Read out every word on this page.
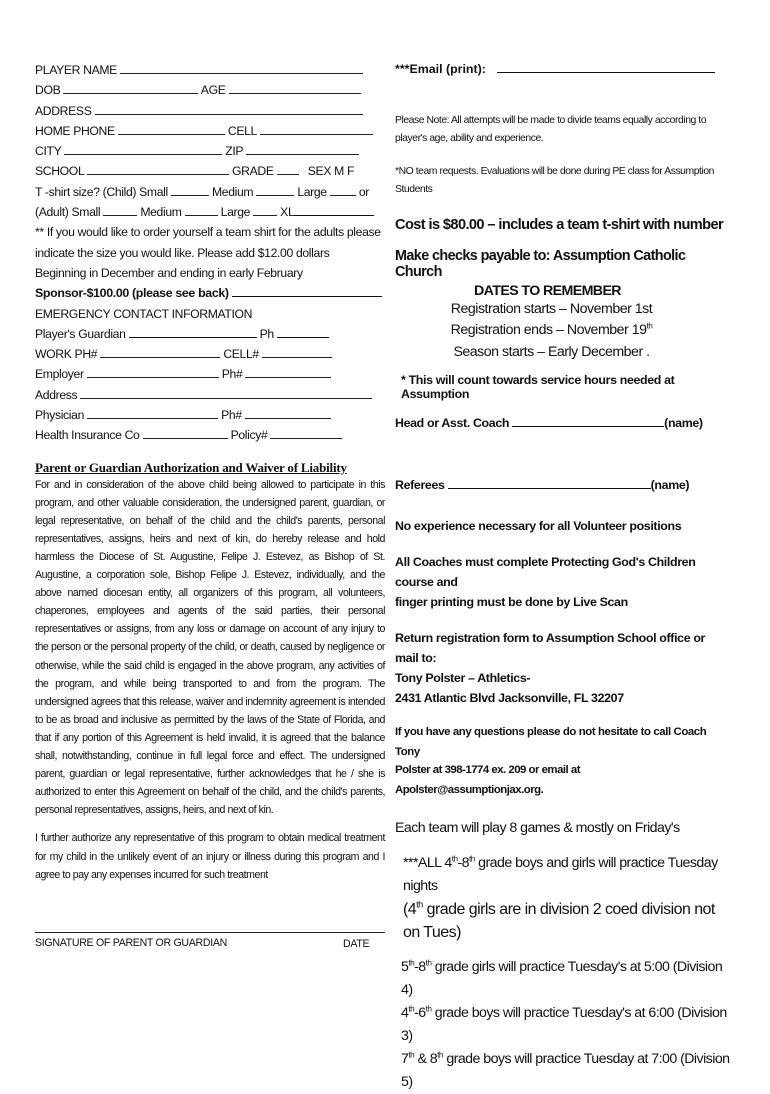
PLAYER NAME
DOB	AGE
ADDRESS
HOME PHONE	CELL
CITY	ZIP
SCHOOL	GRADE	SEX M F
T -shirt size? (Child) Small	Medium	Large	or
(Adult) Small	Medium	Large XL
** If you would like to order yourself a team shirt for the adults please
indicate the size you would like. Please add $12.00 dollars
Beginning in December and ending in early February
Sponsor-$100.00 (please see back)
EMERGENCY CONTACT INFORMATION
Player's Guardian	Ph
WORK PH#	CELL#
Employer	Ph#
Address
Physician	Ph#
Health Insurance Co	Policy#
Parent or Guardian Authorization and Waiver of Liability
For and in consideration of the above child being allowed to participate in this program, and other valuable consideration, the undersigned parent, guardian, or legal representative, on behalf of the child and the child's parents, personal representatives, assigns, heirs and next of kin, do hereby release and hold harmless the Diocese of St. Augustine, Felipe J. Estevez, as Bishop of St. Augustine, a corporation sole, Bishop Felipe J. Estevez, individually, and the above named diocesan entity, all organizers of this program, all volunteers, chaperones, employees and agents of the said parties, their personal representatives or assigns, from any loss or damage on account of any injury to the person or the personal property of the child, or death, caused by negligence or otherwise, while the said child is engaged in the above program, any activities of the program, and while being transported to and from the program. The undersigned agrees that this release, waiver and indemnity agreement is intended to be as broad and inclusive as permitted by the laws of the State of Florida, and that if any portion of this Agreement is held invalid, it is agreed that the balance shall, notwithstanding, continue in full legal force and effect. The undersigned parent, guardian or legal representative, further acknowledges that he / she is authorized to enter this Agreement on behalf of the child, and the child's parents, personal representatives, assigns, heirs, and next of kin.
I further authorize any representative of this program to obtain medical treatment for my child in the unlikely event of an injury or illness during this program and I agree to pay any expenses incurred for such treatment
SIGNATURE OF PARENT OR GUARDIAN	DATE
***Email (print):
Please Note: All attempts will be made to divide teams equally according to player's age, ability and experience.
*NO team requests. Evaluations will be done during PE class for Assumption Students
Cost is $80.00 – includes a team t-shirt with number
Make checks payable to: Assumption Catholic Church
DATES TO REMEMBER
Registration starts – November 1st
Registration ends – November 19th
Season starts – Early December .
* This will count towards service hours needed at Assumption
Head or Asst. Coach	(name)
Referees	(name)
No experience necessary for all Volunteer positions
All Coaches must complete Protecting God's Children course and
finger printing must be done by Live Scan
Return registration form to Assumption School office or mail to:
Tony Polster – Athletics-
2431 Atlantic Blvd Jacksonville, FL 32207
If you have any questions please do not hesitate to call Coach Tony
Polster at 398-1774 ex. 209 or email at Apolster@assumptionjax.org.
Each team will play 8 games & mostly on Friday's
***ALL 4th-8th grade boys and girls will practice Tuesday nights
(4th grade girls are in division 2 coed division not on Tues)
5th-8th grade girls will practice Tuesday's at 5:00 (Division 4)
4th-6th grade boys will practice Tuesday's at 6:00 (Division 3)
7th & 8th grade boys will practice Tuesday at 7:00 (Division 5)
